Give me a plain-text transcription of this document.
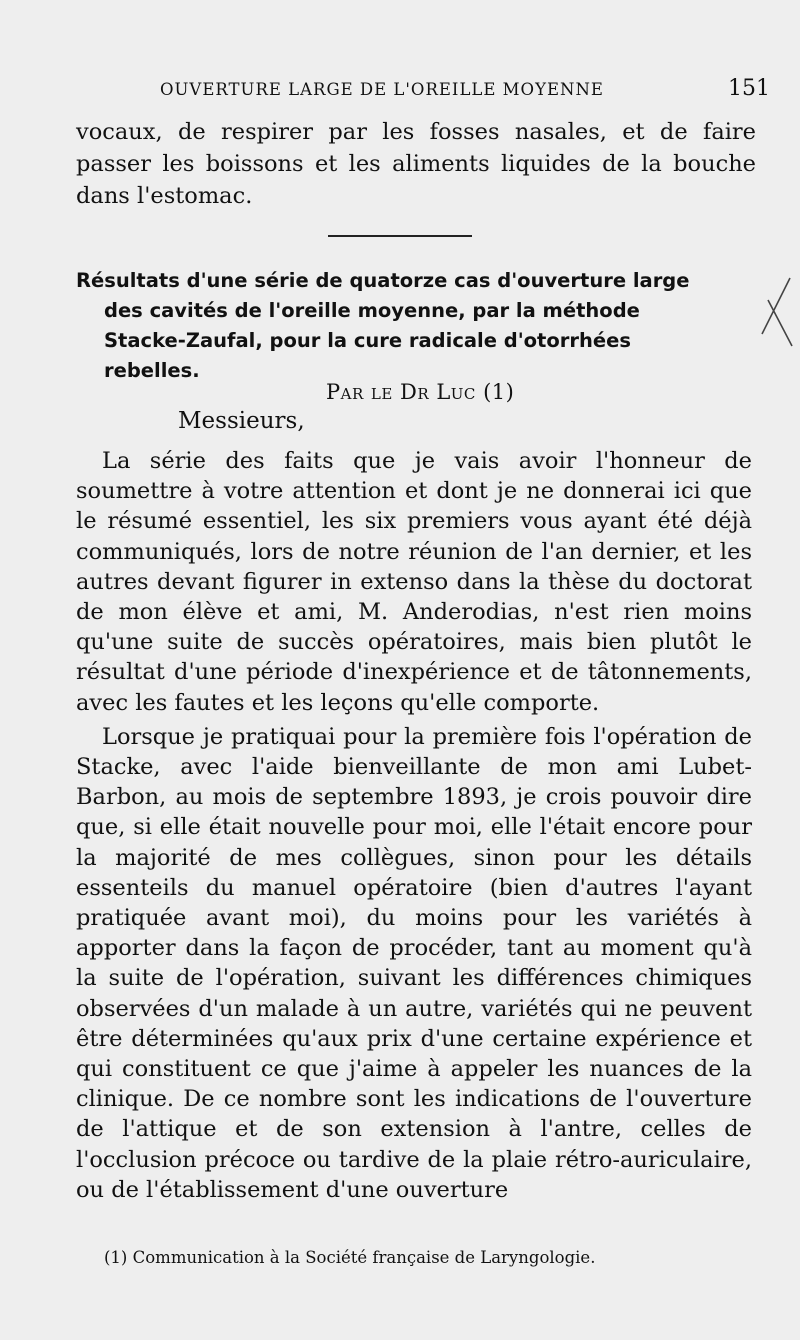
OUVERTURE LARGE DE L'OREILLE MOYENNE	151

vocaux, de respirer par les fosses nasales, et de faire passer les boissons et les aliments liquides de la bouche dans l'estomac.

Résultats d'une série de quatorze cas d'ouverture large
des cavités de l'oreille moyenne, par la méthode
Stacke-Zaufal, pour la cure radicale d'otorrhées
rebelles.
Par le Dr Luc (1)
Messieurs,

La série des faits que je vais avoir l'honneur de soumettre à votre attention et dont je ne donnerai ici que le résumé essentiel, les six premiers vous ayant été déjà communiqués, lors de notre réunion de l'an dernier, et les autres devant figurer in extenso dans la thèse du doctorat de mon élève et ami, M. Anderodias, n'est rien moins qu'une suite de succès opératoires, mais bien plutôt le résultat d'une période d'inexpérience et de tâtonnements, avec les fautes et les leçons qu'elle comporte.

Lorsque je pratiquai pour la première fois l'opération de Stacke, avec l'aide bienveillante de mon ami Lubet-Barbon, au mois de septembre 1893, je crois pouvoir dire que, si elle était nouvelle pour moi, elle l'était encore pour la majorité de mes collègues, sinon pour les détails essenteils du manuel opératoire (bien d'autres l'ayant pratiquée avant moi), du moins pour les variétés à apporter dans la façon de procéder, tant au moment qu'à la suite de l'opération, suivant les différences chimiques observées d'un malade à un autre, variétés qui ne peuvent être déterminées qu'aux prix d'une certaine expérience et qui constituent ce que j'aime à appeler les nuances de la clinique. De ce nombre sont les indications de l'ouverture de l'attique et de son extension à l'antre, celles de l'occlusion précoce ou tardive de la plaie rétro-auriculaire, ou de l'établissement d'une ouverture

(1) Communication à la Société française de Laryngologie.
